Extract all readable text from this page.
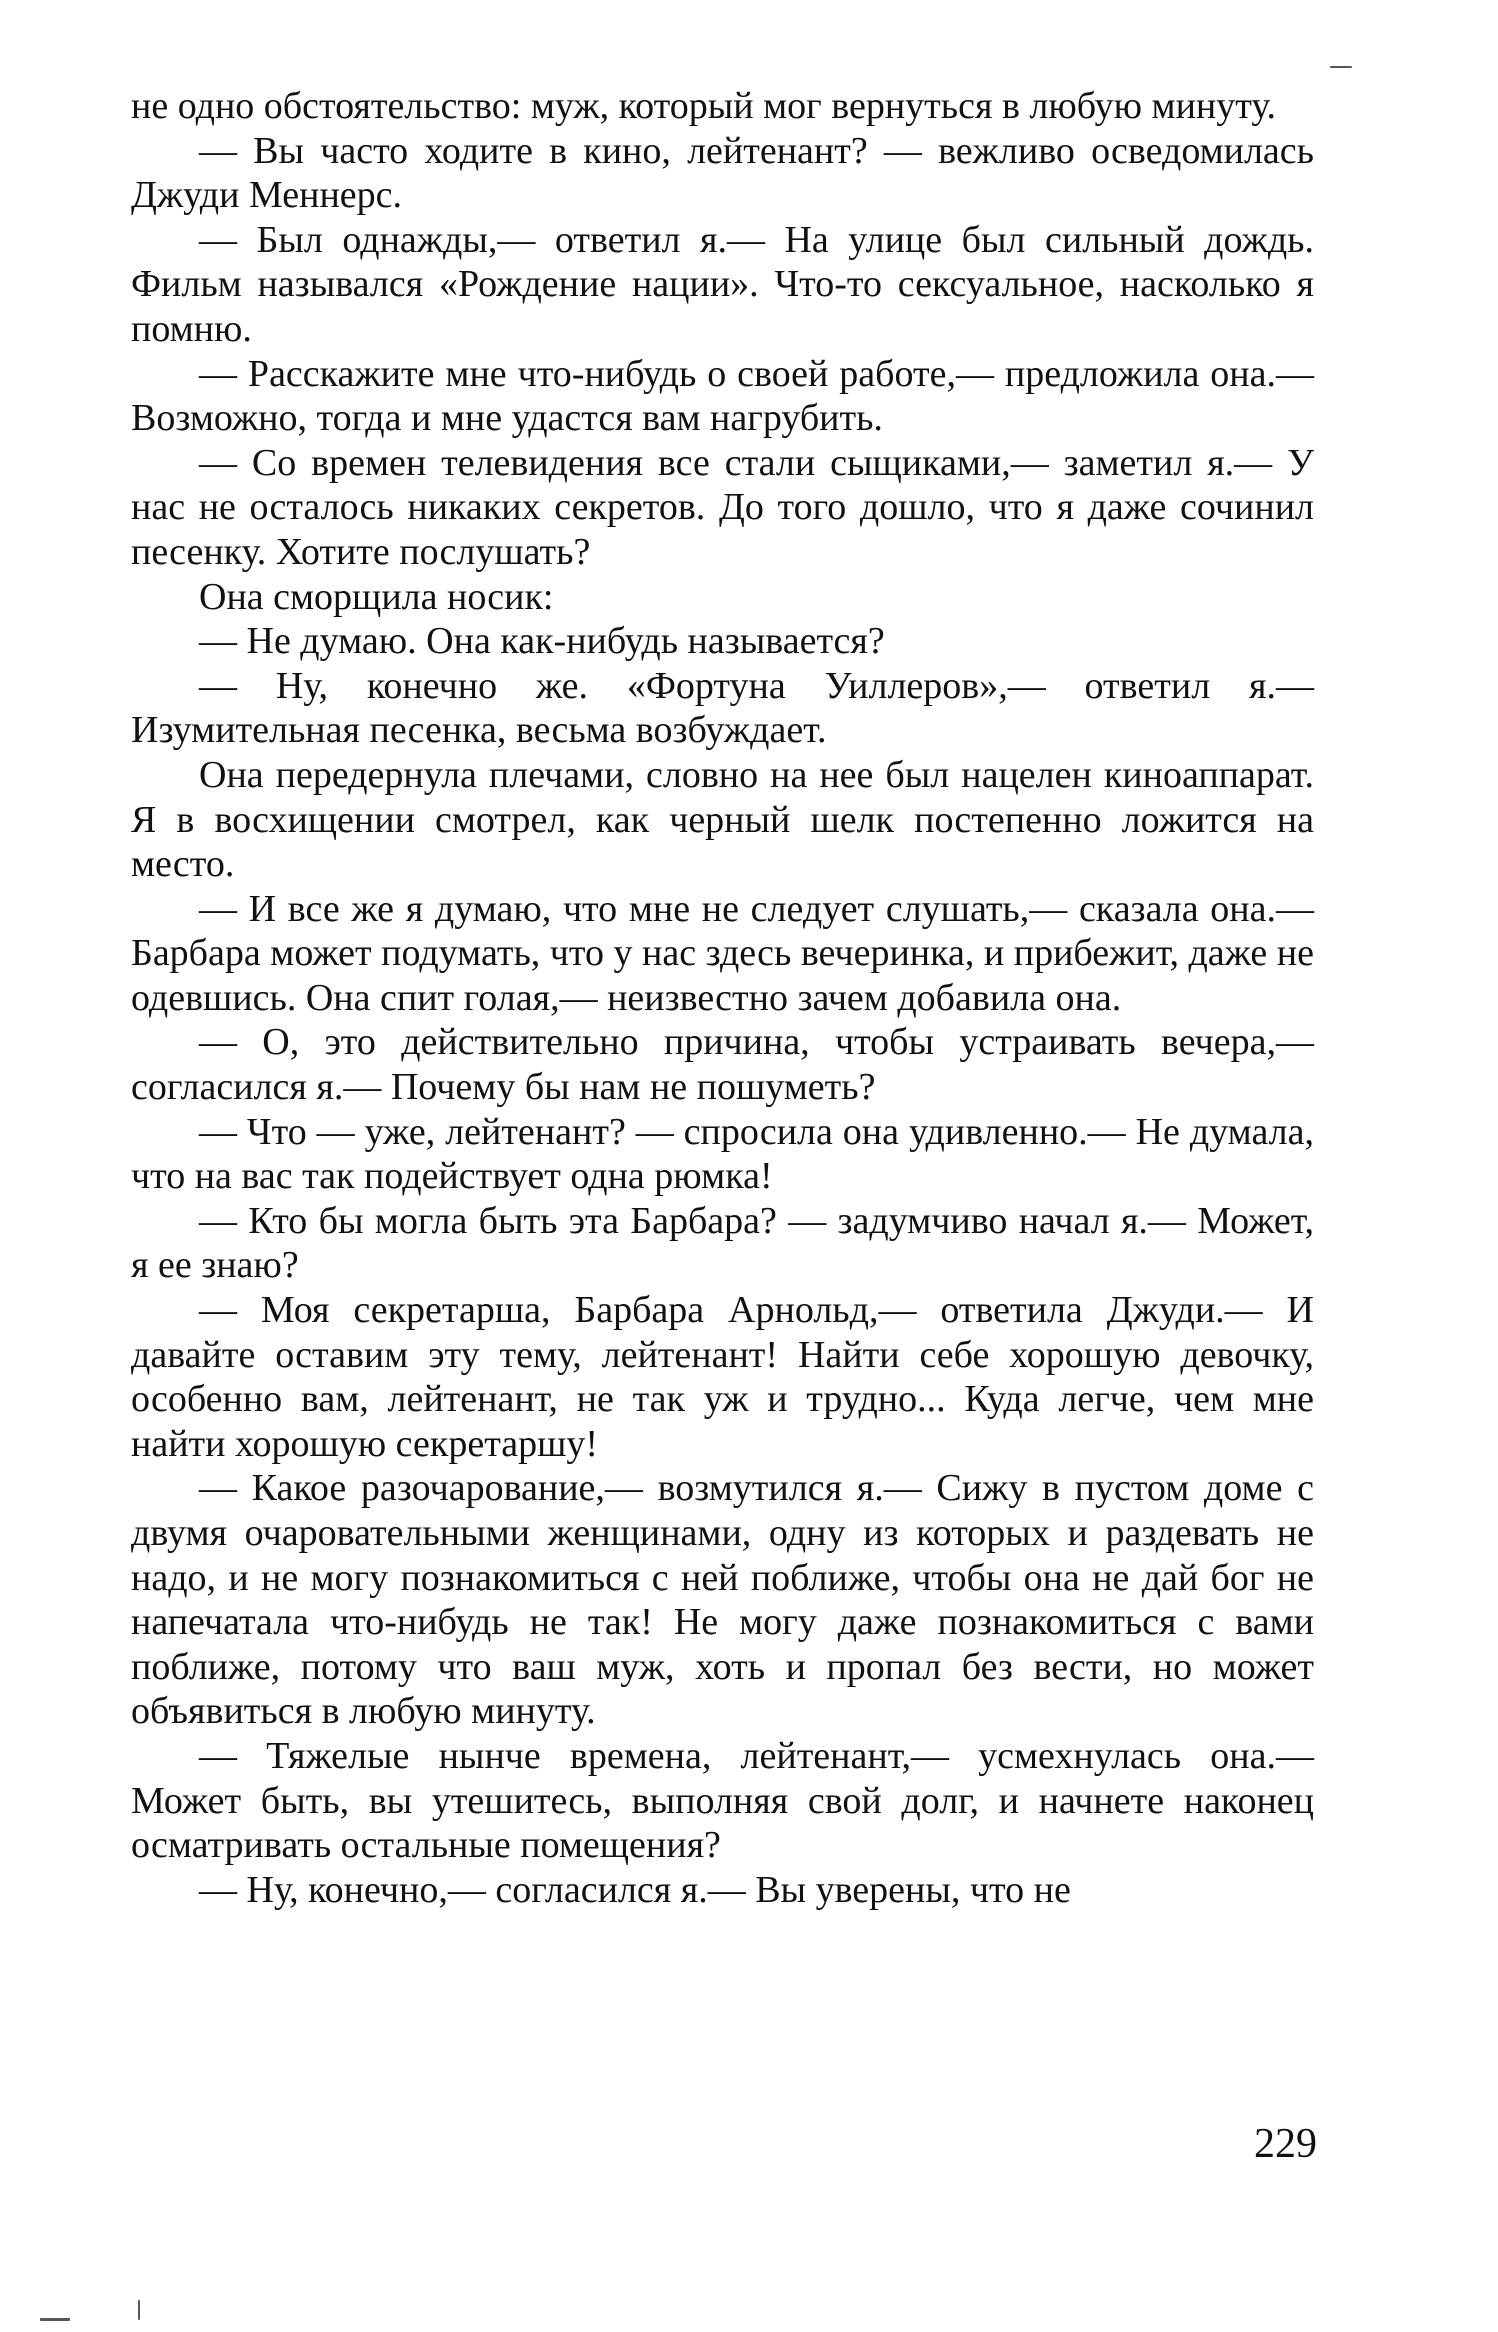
не одно обстоятельство: муж, который мог вернуться в любую минуту.

— Вы часто ходите в кино, лейтенант? — вежливо осведомилась Джуди Меннерс.

— Был однажды,— ответил я.— На улице был сильный дождь. Фильм назывался «Рождение нации». Что-то сексуальное, насколько я помню.

— Расскажите мне что-нибудь о своей работе,— предложила она.— Возможно, тогда и мне удастся вам нагрубить.

— Со времен телевидения все стали сыщиками,— заметил я.— У нас не осталось никаких секретов. До того дошло, что я даже сочинил песенку. Хотите послушать?

Она сморщила носик:

— Не думаю. Она как-нибудь называется?

— Ну, конечно же. «Фортуна Уиллеров»,— ответил я.— Изумительная песенка, весьма возбуждает.

Она передернула плечами, словно на нее был нацелен киноаппарат. Я в восхищении смотрел, как черный шелк постепенно ложится на место.

— И все же я думаю, что мне не следует слушать,— сказала она.— Барбара может подумать, что у нас здесь вечеринка, и прибежит, даже не одевшись. Она спит голая,— неизвестно зачем добавила она.

— О, это действительно причина, чтобы устраивать вечера,— согласился я.— Почему бы нам не пошуметь?

— Что — уже, лейтенант? — спросила она удивленно.— Не думала, что на вас так подействует одна рюмка!

— Кто бы могла быть эта Барбара? — задумчиво начал я.— Может, я ее знаю?

— Моя секретарша, Барбара Арнольд,— ответила Джуди.— И давайте оставим эту тему, лейтенант! Найти себе хорошую девочку, особенно вам, лейтенант, не так уж и трудно... Куда легче, чем мне найти хорошую секретаршу!

— Какое разочарование,— возмутился я.— Сижу в пустом доме с двумя очаровательными женщинами, одну из которых и раздевать не надо, и не могу познакомиться с ней поближе, чтобы она не дай бог не напечатала что-нибудь не так! Не могу даже познакомиться с вами поближе, потому что ваш муж, хоть и пропал без вести, но может объявиться в любую минуту.

— Тяжелые нынче времена, лейтенант,— усмехнулась она.— Может быть, вы утешитесь, выполняя свой долг, и начнете наконец осматривать остальные помещения?

— Ну, конечно,— согласился я.— Вы уверены, что не

229
